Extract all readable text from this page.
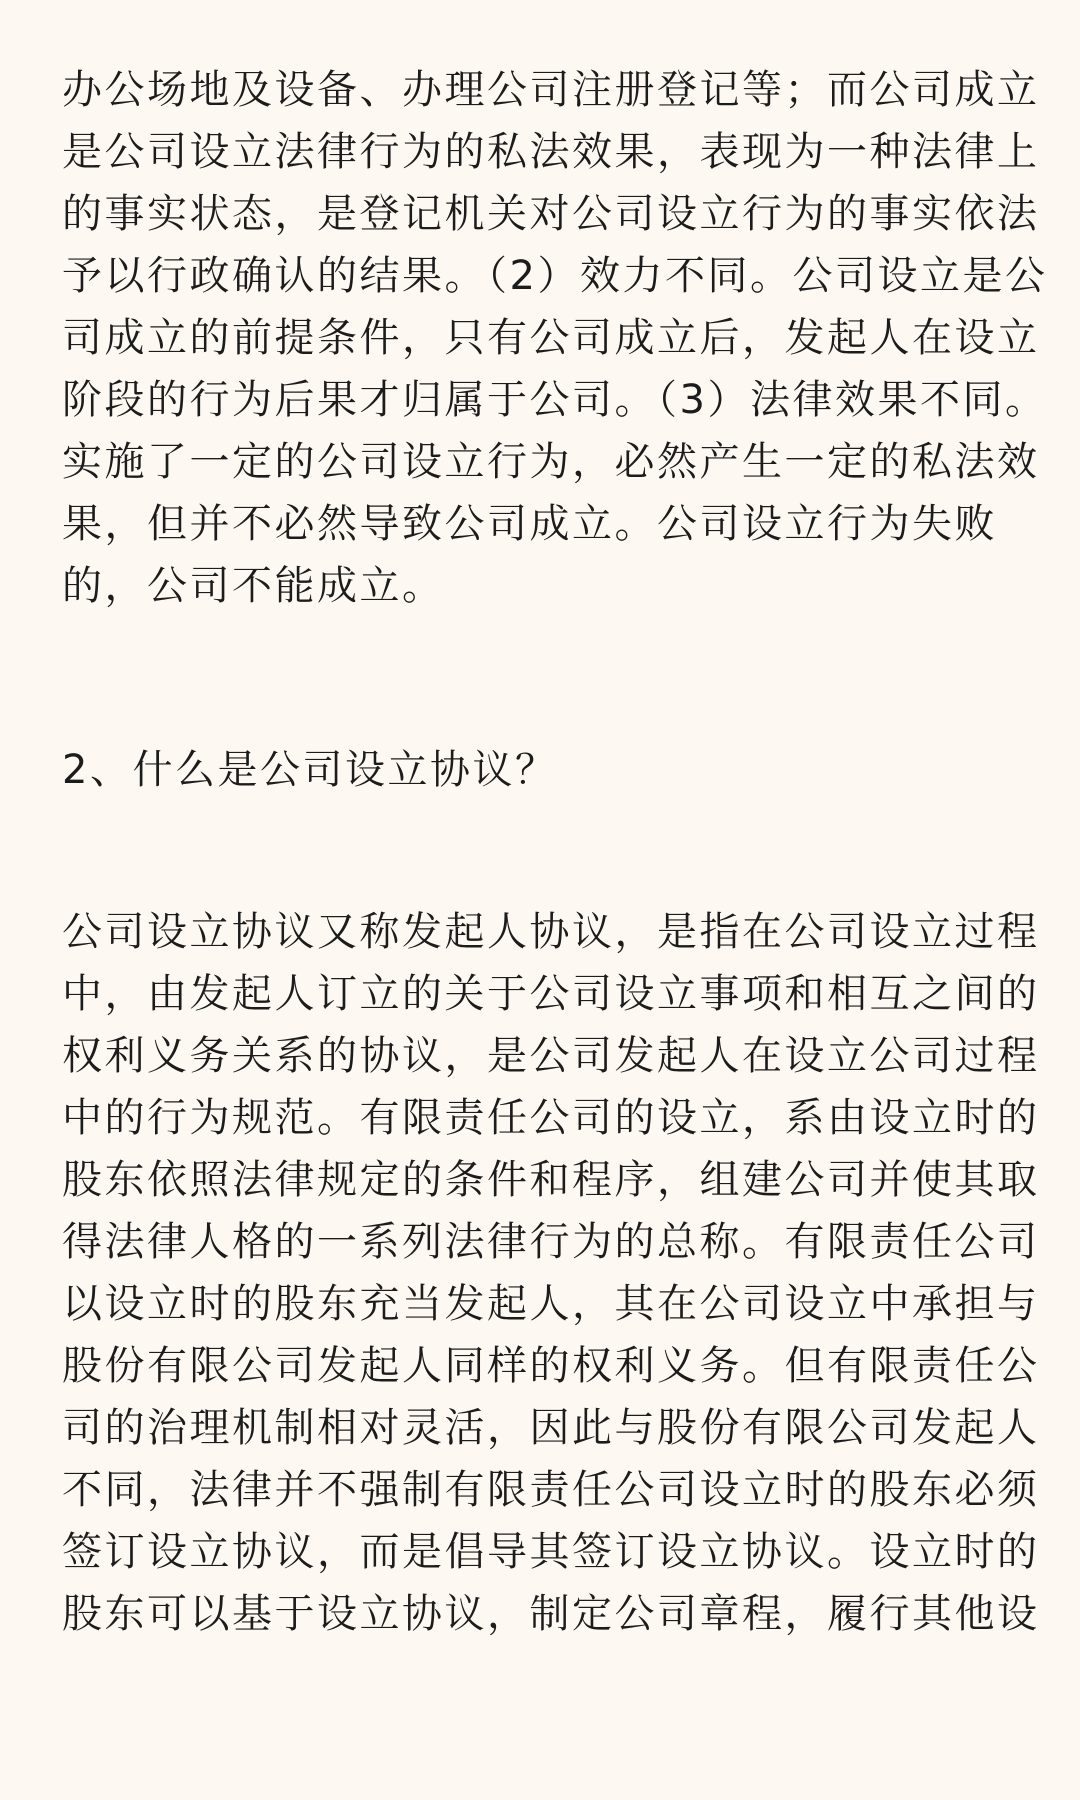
办公场地及设备、办理公司注册登记等；而公司成立

是公司设立法律行为的私法效果，表现为一种法律上

的事实状态，是登记机关对公司设立行为的事实依法

予以行政确认的结果。（2）效力不同。公司设立是公

司成立的前提条件，只有公司成立后，发起人在设立

阶段的行为后果才归属于公司。（3）法律效果不同。

实施了一定的公司设立行为，必然产生一定的私法效

果，但并不必然导致公司成立。公司设立行为失败

的，公司不能成立。

2、什么是公司设立协议？

公司设立协议又称发起人协议，是指在公司设立过程

中，由发起人订立的关于公司设立事项和相互之间的

权利义务关系的协议，是公司发起人在设立公司过程

中的行为规范。有限责任公司的设立，系由设立时的

股东依照法律规定的条件和程序，组建公司并使其取

得法律人格的一系列法律行为的总称。有限责任公司

以设立时的股东充当发起人，其在公司设立中承担与

股份有限公司发起人同样的权利义务。但有限责任公

司的治理机制相对灵活，因此与股份有限公司发起人

不同，法律并不强制有限责任公司设立时的股东必须

签订设立协议，而是倡导其签订设立协议。设立时的

股东可以基于设立协议，制定公司章程，履行其他设
